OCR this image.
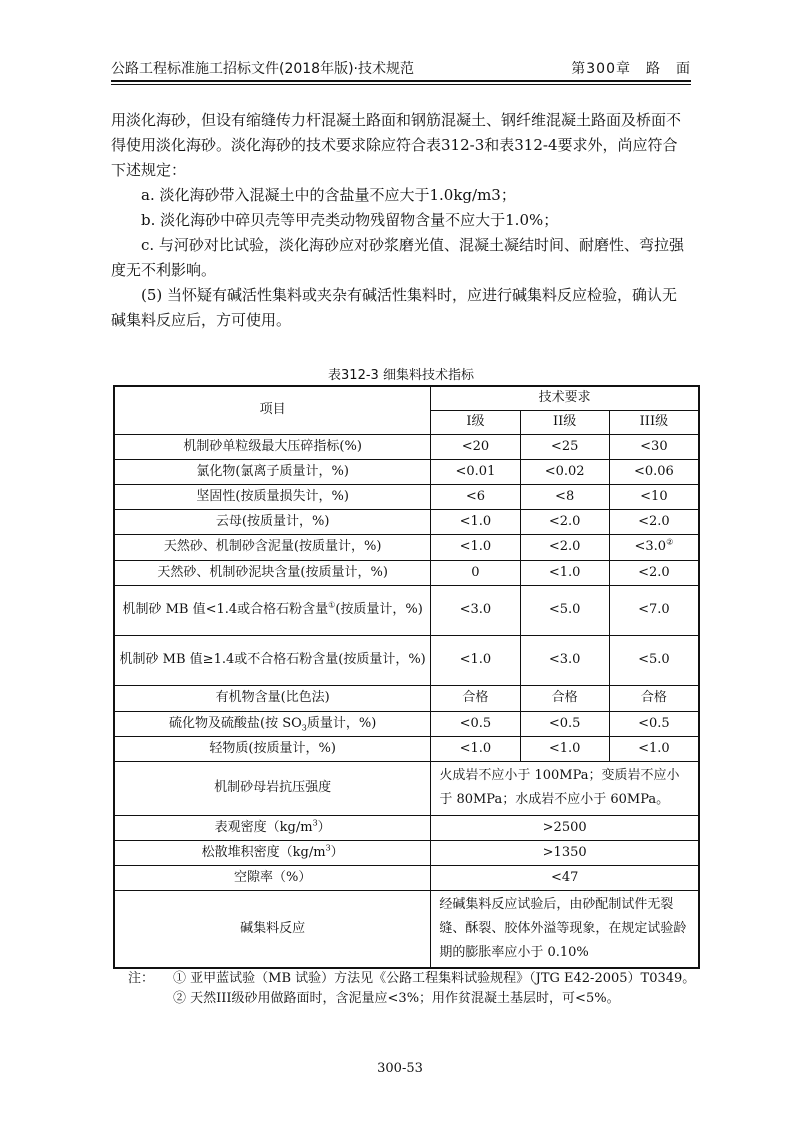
公路工程标准施工招标文件(2018年版)·技术规范	第300章　路　面

用淡化海砂，但设有缩缝传力杆混凝土路面和钢筋混凝土、钢纤维混凝土路面及桥面不得使用淡化海砂。淡化海砂的技术要求除应符合表312-3和表312-4要求外，尚应符合下述规定：

a. 淡化海砂带入混凝土中的含盐量不应大于1.0kg/m3；

b. 淡化海砂中碎贝壳等甲壳类动物残留物含量不应大于1.0%；

c. 与河砂对比试验，淡化海砂应对砂浆磨光值、混凝土凝结时间、耐磨性、弯拉强度无不利影响。

(5) 当怀疑有碱活性集料或夹杂有碱活性集料时，应进行碱集料反应检验，确认无碱集料反应后，方可使用。

表312-3 细集料技术指标
项目	技术要求		
	I级	II级	III级
机制砂单粒级最大压碎指标(%)	<20	<25	<30
氯化物(氯离子质量计，%)	<0.01	<0.02	<0.06
坚固性(按质量损失计，%)	<6	<8	<10
云母(按质量计，%)	<1.0	<2.0	<2.0
天然砂、机制砂含泥量(按质量计，%)	<1.0	<2.0	<3.0②
天然砂、机制砂泥块含量(按质量计，%)	0	<1.0	<2.0
机制砂 MB 值<1.4或合格石粉含量①(按质量计，%)	<3.0	<5.0	<7.0
机制砂 MB 值≥1.4或不合格石粉含量(按质量计，%)	<1.0	<3.0	<5.0
有机物含量(比色法)	合格	合格	合格
硫化物及硫酸盐(按 $SO_3$质量计，%)	<0.5	<0.5	<0.5
轻物质(按质量计，%)	<1.0	<1.0	<1.0
机制砂母岩抗压强度	火成岩不应小于 100MPa；变质岩不应小于 80MPa；水成岩不应小于 60MPa。		
表观密度$(kg/m^3)$	>2500		
松散堆积密度$(kg/m^3)$	>1350		
空隙率（%）	<47		
碱集料反应	经碱集料反应试验后，由砂配制试件无裂缝、酥裂、胶体外溢等现象，在规定试验龄期的膨胀率应小于 0.10%		
注：	① 亚甲蓝试验（MB 试验）方法见《公路工程集料试验规程》（JTG E42-2005）T0349。
② 天然III级砂用做路面时，含泥量应<3%；用作贫混凝土基层时，可<5%。
300-53
